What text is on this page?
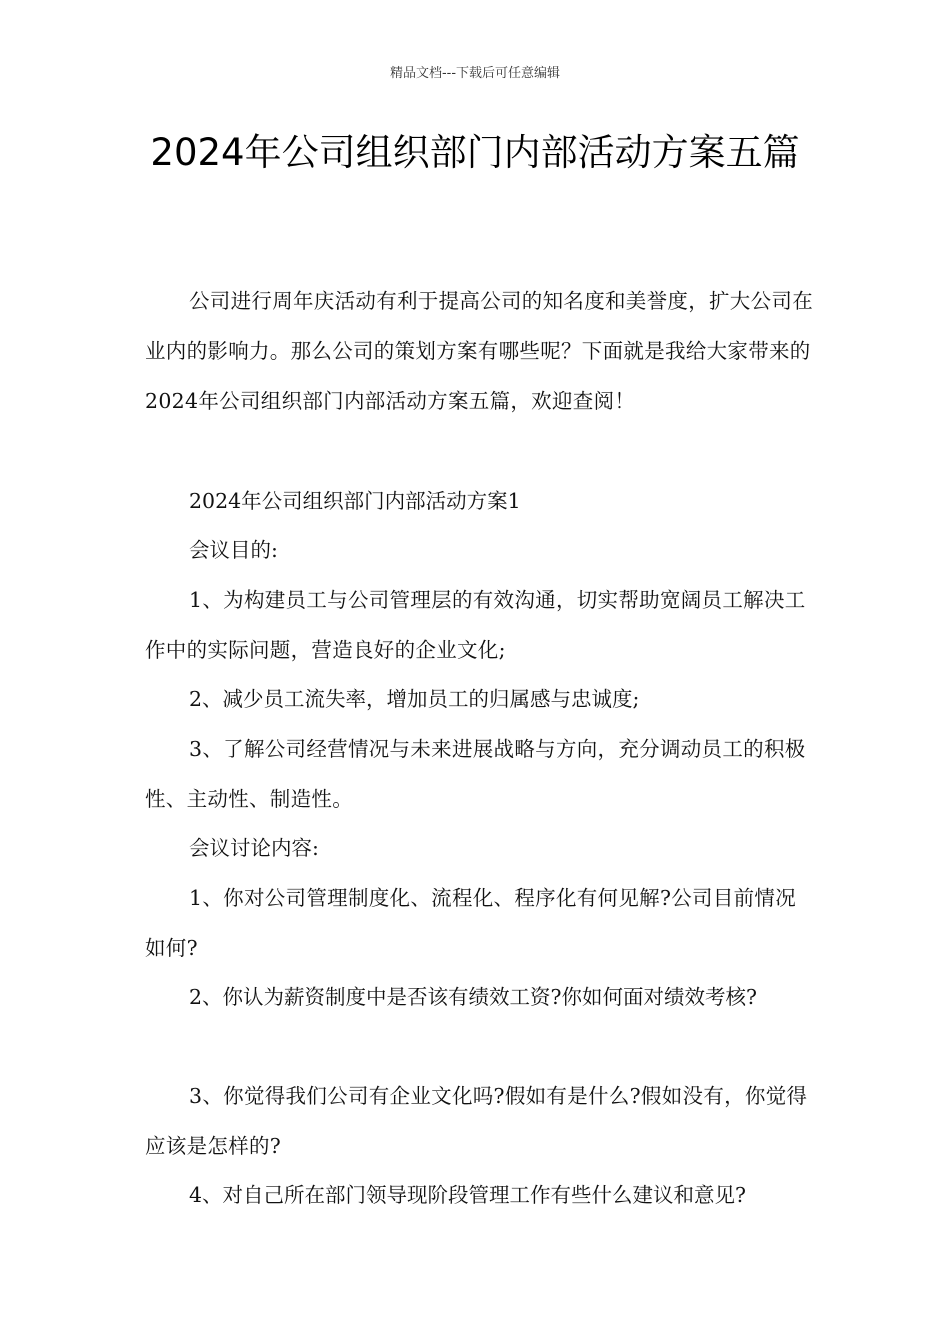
精品文档---下载后可任意编辑
2024年公司组织部门内部活动方案五篇

公司进行周年庆活动有利于提高公司的知名度和美誉度，扩大公司在业内的影响力。那么公司的策划方案有哪些呢？下面就是我给大家带来的2024年公司组织部门内部活动方案五篇，欢迎查阅！

2024年公司组织部门内部活动方案1

会议目的:

1、为构建员工与公司管理层的有效沟通，切实帮助宽阔员工解决工作中的实际问题，营造良好的企业文化;

2、减少员工流失率，增加员工的归属感与忠诚度;

3、了解公司经营情况与未来进展战略与方向，充分调动员工的积极性、主动性、制造性。

会议讨论内容:

1、你对公司管理制度化、流程化、程序化有何见解?公司目前情况如何?

2、你认为薪资制度中是否该有绩效工资?你如何面对绩效考核?

3、你觉得我们公司有企业文化吗?假如有是什么?假如没有，你觉得应该是怎样的?

4、对自己所在部门领导现阶段管理工作有些什么建议和意见?
